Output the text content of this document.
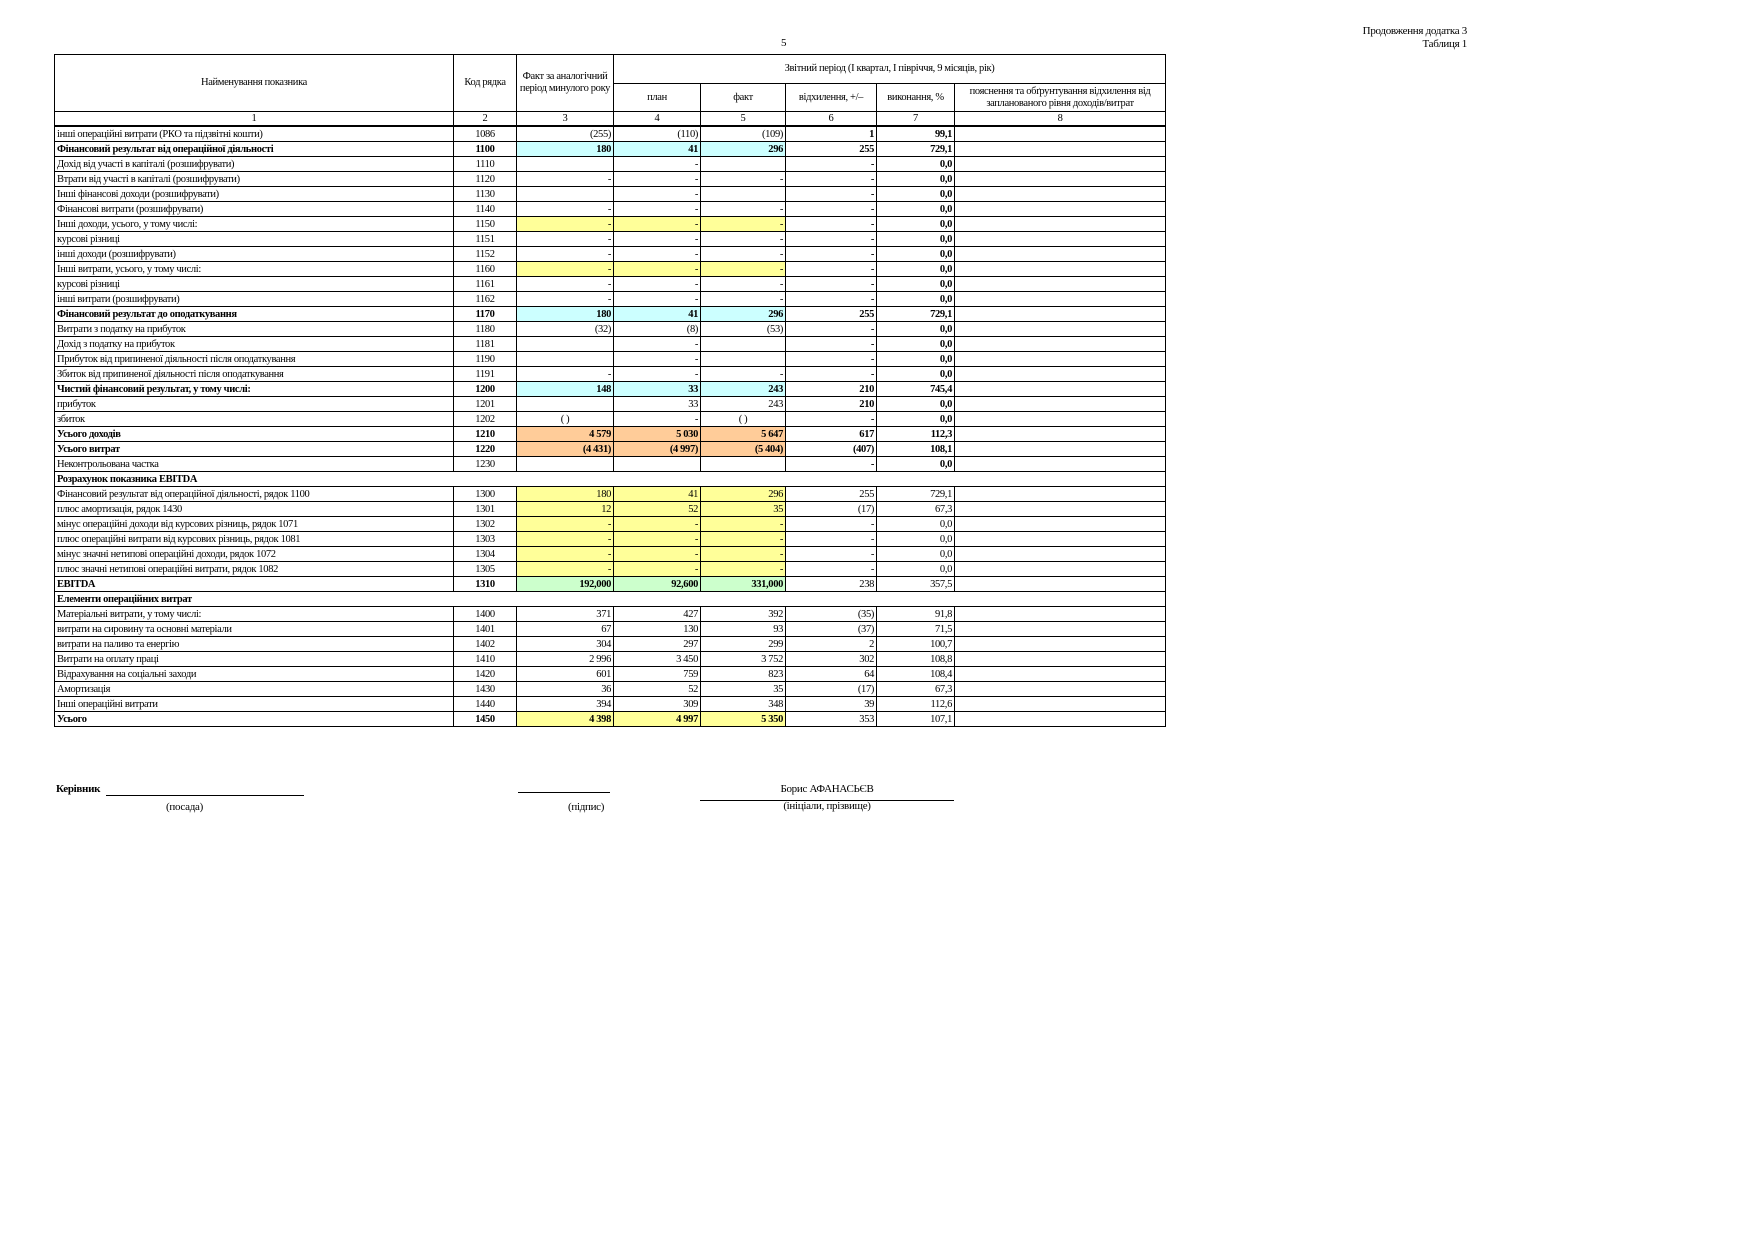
5
Продовження додатка 3
Таблиця 1
Найменування показника	Код рядка	Факт за аналогічний період минулого року	Звітний період (I квартал, I півріччя, 9 місяців, рік)				
			план	факт	відхилення, +/–	виконання, %	пояснення та обґрунтування відхилення від запланованого рівня доходів/витрат
1	2	3	4	5	6	7	8
інші операційні витрати (РКО та підзвітні кошти)	1086	(255)	(110)	(109)	1	99,1	
Фінансовий результат від операційної діяльності	1100	180	41	296	255	729,1	
Дохід від участі в капіталі (розшифрувати)	1110		-		-	0,0	
Втрати від участі в капіталі (розшифрувати)	1120	-	-	-	-	0,0	
Інші фінансові доходи (розшифрувати)	1130		-		-	0,0	
Фінансові витрати (розшифрувати)	1140	-	-	-	-	0,0	
Інші доходи, усього, у тому числі:	1150	-	-	-	-	0,0	
курсові різниці	1151	-	-	-	-	0,0	
інші доходи (розшифрувати)	1152	-	-	-	-	0,0	
Інші витрати, усього, у тому числі:	1160	-	-	-	-	0,0	
курсові різниці	1161	-	-	-	-	0,0	
інші витрати (розшифрувати)	1162	-	-	-	-	0,0	
Фінансовий результат до оподаткування	1170	180	41	296	255	729,1	
Витрати з податку на прибуток	1180	(32)	(8)	(53)	-	0,0	
Дохід з податку на прибуток	1181		-		-	0,0	
Прибуток від припиненої діяльності після оподаткування	1190		-		-	0,0	
Збиток від припиненої діяльності після оподаткування	1191	-	-	-	-	0,0	
Чистий фінансовий результат, у тому числі:	1200	148	33	243	210	745,4	
прибуток	1201		33	243	210	0,0	
збиток	1202	( )	-	( )	-	0,0	
Усього доходів	1210	4 579	5 030	5 647	617	112,3	
Усього витрат	1220	(4 431)	(4 997)	(5 404)	(407)	108,1	
Неконтрольована частка	1230				-	0,0	
Розрахунок показника EBITDA							
Фінансовий результат від операційної діяльності, рядок 1100	1300	180	41	296	255	729,1	
плюс амортизація, рядок 1430	1301	12	52	35	(17)	67,3	
мінус операційні доходи від курсових різниць, рядок 1071	1302	-	-	-	-	0,0	
плюс операційні витрати від курсових різниць, рядок 1081	1303	-	-	-	-	0,0	
мінус значні нетипові операційні доходи, рядок 1072	1304	-	-	-	-	0,0	
плюс значні нетипові операційні витрати, рядок 1082	1305	-	-	-	-	0,0	
EBITDA	1310	192,000	92,600	331,000	238	357,5	
Елементи операційних витрат							
Матеріальні витрати, у тому числі:	1400	371	427	392	(35)	91,8	
витрати на сировину та основні матеріали	1401	67	130	93	(37)	71,5	
витрати на паливо та енергію	1402	304	297	299	2	100,7	
Витрати на оплату праці	1410	2 996	3 450	3 752	302	108,8	
Відрахування на соціальні заходи	1420	601	759	823	64	108,4	
Амортизація	1430	36	52	35	(17)	67,3	
Інші операційні витрати	1440	394	309	348	39	112,6	
Усього	1450	4 398	4 997	5 350	353	107,1	
Керівник
(посада)	(підпис)
Борис АФАНАСЬЄВ
(ініціали, прізвище)
